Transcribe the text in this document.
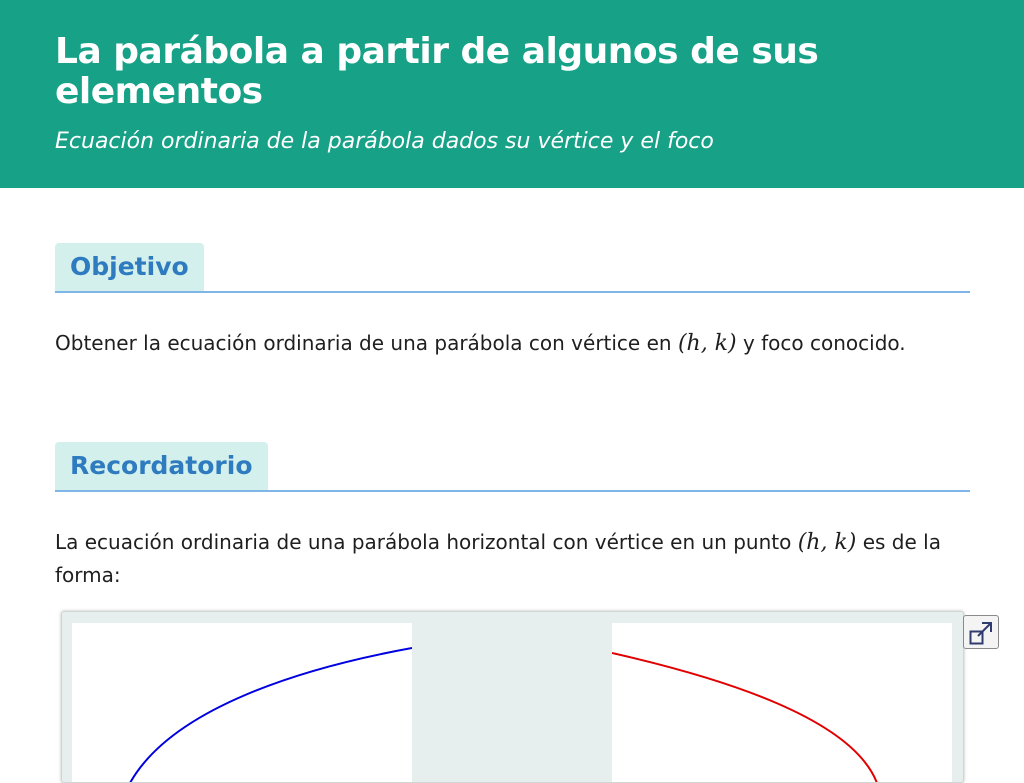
La parábola a partir de algunos de sus elementos
Ecuación ordinaria de la parábola dados su vértice y el foco
Objetivo

Obtener la ecuación ordinaria de una parábola con vértice en (h, k) y foco conocido.

Recordatorio

La ecuación ordinaria de una parábola horizontal con vértice en un punto (h, k) es de la forma:
